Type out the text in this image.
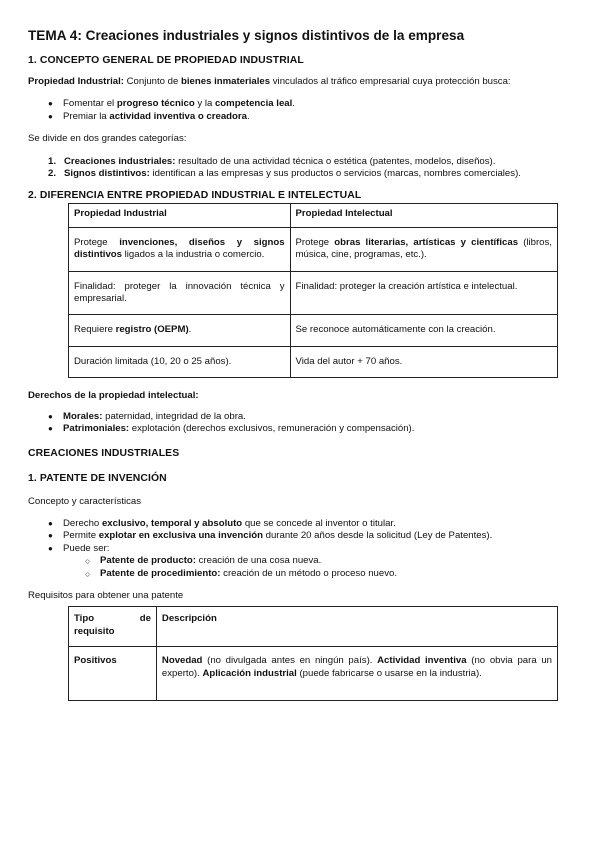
TEMA 4: Creaciones industriales y signos distintivos de la empresa
1. CONCEPTO GENERAL DE PROPIEDAD INDUSTRIAL
Propiedad Industrial: Conjunto de bienes inmateriales vinculados al tráfico empresarial cuya protección busca:
● Fomentar el progreso técnico y la competencia leal.
● Premiar la actividad inventiva o creadora.
Se divide en dos grandes categorías:
1. Creaciones industriales: resultado de una actividad técnica o estética (patentes, modelos, diseños).
2. Signos distintivos: identifican a las empresas y sus productos o servicios (marcas, nombres comerciales).
2. DIFERENCIA ENTRE PROPIEDAD INDUSTRIAL E INTELECTUAL
Propiedad Industrial	Propiedad Intelectual
Protege invenciones, diseños y signos distintivos ligados a la industria o comercio.	Protege obras literarias, artísticas y científicas (libros, música, cine, programas, etc.).
Finalidad: proteger la innovación técnica y empresarial.	Finalidad: proteger la creación artística e intelectual.
Requiere registro (OEPM).	Se reconoce automáticamente con la creación.
Duración limitada (10, 20 o 25 años).	Vida del autor + 70 años.
Derechos de la propiedad intelectual:
● Morales: paternidad, integridad de la obra.
● Patrimoniales: explotación (derechos exclusivos, remuneración y compensación).
CREACIONES INDUSTRIALES
1. PATENTE DE INVENCIÓN
Concepto y características
● Derecho exclusivo, temporal y absoluto que se concede al inventor o titular.
● Permite explotar en exclusiva una invención durante 20 años desde la solicitud (Ley de Patentes).
● Puede ser:
○ Patente de producto: creación de una cosa nueva.
○ Patente de procedimiento: creación de un método o proceso nuevo.
Requisitos para obtener una patente
Tipo de requisito	Descripción
Positivos	Novedad (no divulgada antes en ningún país). Actividad inventiva (no obvia para un experto). Aplicación industrial (puede fabricarse o usarse en la industria).
